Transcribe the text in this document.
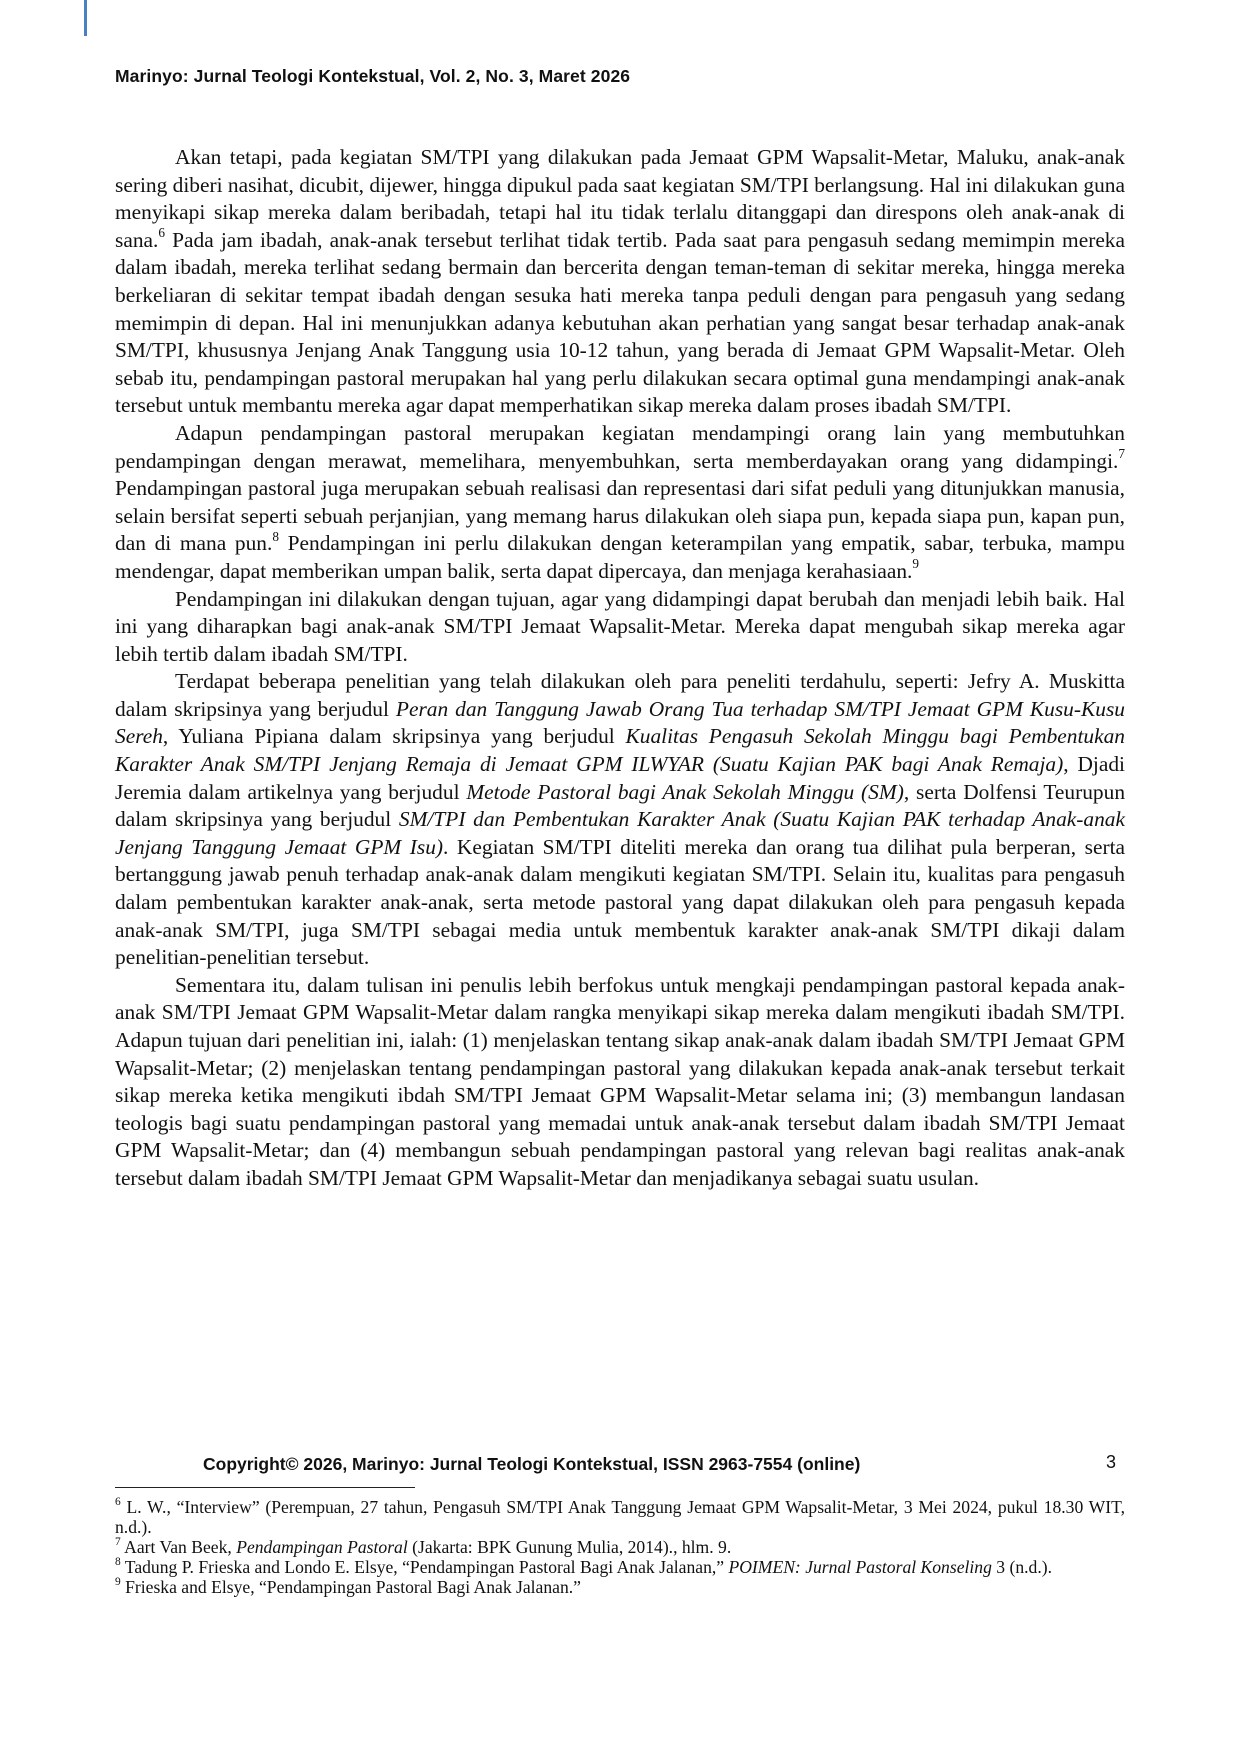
Marinyo: Jurnal Teologi Kontekstual, Vol. 2, No. 3, Maret 2026

Akan tetapi, pada kegiatan SM/TPI yang dilakukan pada Jemaat GPM Wapsalit-Metar, Maluku, anak-anak sering diberi nasihat, dicubit, dijewer, hingga dipukul pada saat kegiatan SM/TPI berlangsung. Hal ini dilakukan guna menyikapi sikap mereka dalam beribadah, tetapi hal itu tidak terlalu ditanggapi dan direspons oleh anak-anak di sana.$^6$ Pada jam ibadah, anak-anak tersebut terlihat tidak tertib. Pada saat para pengasuh sedang memimpin mereka dalam ibadah, mereka terlihat sedang bermain dan bercerita dengan teman-teman di sekitar mereka, hingga mereka berkeliaran di sekitar tempat ibadah dengan sesuka hati mereka tanpa peduli dengan para pengasuh yang sedang memimpin di depan. Hal ini menunjukkan adanya kebutuhan akan perhatian yang sangat besar terhadap anak-anak SM/TPI, khususnya Jenjang Anak Tanggung usia 10-12 tahun, yang berada di Jemaat GPM Wapsalit-Metar. Oleh sebab itu, pendampingan pastoral merupakan hal yang perlu dilakukan secara optimal guna mendampingi anak-anak tersebut untuk membantu mereka agar dapat memperhatikan sikap mereka dalam proses ibadah SM/TPI.

Adapun pendampingan pastoral merupakan kegiatan mendampingi orang lain yang membutuhkan pendampingan dengan merawat, memelihara, menyembuhkan, serta memberdayakan orang yang didampingi.$^7$ Pendampingan pastoral juga merupakan sebuah realisasi dan representasi dari sifat peduli yang ditunjukkan manusia, selain bersifat seperti sebuah perjanjian, yang memang harus dilakukan oleh siapa pun, kepada siapa pun, kapan pun, dan di mana pun.$^8$ Pendampingan ini perlu dilakukan dengan keterampilan yang empatik, sabar, terbuka, mampu mendengar, dapat memberikan umpan balik, serta dapat dipercaya, dan menjaga kerahasiaan.$^9$

Pendampingan ini dilakukan dengan tujuan, agar yang didampingi dapat berubah dan menjadi lebih baik. Hal ini yang diharapkan bagi anak-anak SM/TPI Jemaat Wapsalit-Metar. Mereka dapat mengubah sikap mereka agar lebih tertib dalam ibadah SM/TPI.

Terdapat beberapa penelitian yang telah dilakukan oleh para peneliti terdahulu, seperti: Jefry A. Muskitta dalam skripsinya yang berjudul Peran dan Tanggung Jawab Orang Tua terhadap SM/TPI Jemaat GPM Kusu-Kusu Sereh, Yuliana Pipiana dalam skripsinya yang berjudul Kualitas Pengasuh Sekolah Minggu bagi Pembentukan Karakter Anak SM/TPI Jenjang Remaja di Jemaat GPM ILWYAR (Suatu Kajian PAK bagi Anak Remaja), Djadi Jeremia dalam artikelnya yang berjudul Metode Pastoral bagi Anak Sekolah Minggu (SM), serta Dolfensi Teurupun dalam skripsinya yang berjudul SM/TPI dan Pembentukan Karakter Anak (Suatu Kajian PAK terhadap Anak-anak Jenjang Tanggung Jemaat GPM Isu). Kegiatan SM/TPI diteliti mereka dan orang tua dilihat pula berperan, serta bertanggung jawab penuh terhadap anak-anak dalam mengikuti kegiatan SM/TPI. Selain itu, kualitas para pengasuh dalam pembentukan karakter anak-anak, serta metode pastoral yang dapat dilakukan oleh para pengasuh kepada anak-anak SM/TPI, juga SM/TPI sebagai media untuk membentuk karakter anak-anak SM/TPI dikaji dalam penelitian-penelitian tersebut.

Sementara itu, dalam tulisan ini penulis lebih berfokus untuk mengkaji pendampingan pastoral kepada anak-anak SM/TPI Jemaat GPM Wapsalit-Metar dalam rangka menyikapi sikap mereka dalam mengikuti ibadah SM/TPI. Adapun tujuan dari penelitian ini, ialah: (1) menjelaskan tentang sikap anak-anak dalam ibadah SM/TPI Jemaat GPM Wapsalit-Metar; (2) menjelaskan tentang pendampingan pastoral yang dilakukan kepada anak-anak tersebut terkait sikap mereka ketika mengikuti ibdah SM/TPI Jemaat GPM Wapsalit-Metar selama ini; (3) membangun landasan teologis bagi suatu pendampingan pastoral yang memadai untuk anak-anak tersebut dalam ibadah SM/TPI Jemaat GPM Wapsalit-Metar; dan (4) membangun sebuah pendampingan pastoral yang relevan bagi realitas anak-anak tersebut dalam ibadah SM/TPI Jemaat GPM Wapsalit-Metar dan menjadikanya sebagai suatu usulan.

Copyright© 2026, Marinyo: Jurnal Teologi Kontekstual, ISSN 2963-7554 (online)	3

$^6$ L. W., “Interview” (Perempuan, 27 tahun, Pengasuh SM/TPI Anak Tanggung Jemaat GPM Wapsalit-Metar, 3 Mei 2024, pukul 18.30 WIT, n.d.).

$^7$ Aart Van Beek, Pendampingan Pastoral (Jakarta: BPK Gunung Mulia, 2014)., hlm. 9.

$^8$ Tadung P. Frieska and Londo E. Elsye, “Pendampingan Pastoral Bagi Anak Jalanan,” POIMEN: Jurnal Pastoral Konseling 3 (n.d.).

$^9$ Frieska and Elsye, “Pendampingan Pastoral Bagi Anak Jalanan.”
